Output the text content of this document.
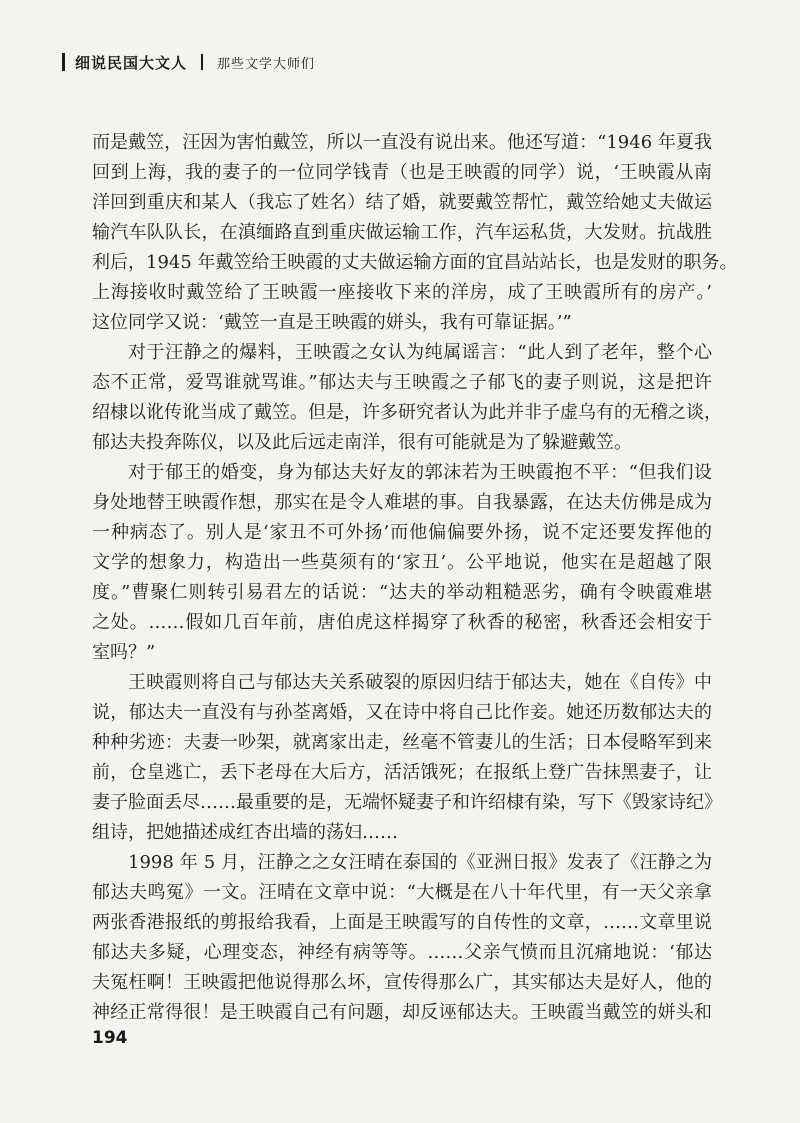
细说民国大文人 那些文学大师们
而是戴笠，汪因为害怕戴笠，所以一直没有说出来。他还写道：“1946 年夏我
回到上海，我的妻子的一位同学钱青（也是王映霞的同学）说，‘王映霞从南
洋回到重庆和某人（我忘了姓名）结了婚，就要戴笠帮忙，戴笠给她丈夫做运
输汽车队队长，在滇缅路直到重庆做运输工作，汽车运私货，大发财。抗战胜
利后，1945 年戴笠给王映霞的丈夫做运输方面的宜昌站站长，也是发财的职务。
上海接收时戴笠给了王映霞一座接收下来的洋房，成了王映霞所有的房产。’
这位同学又说：‘戴笠一直是王映霞的姘头，我有可靠证据。’”
对于汪静之的爆料，王映霞之女认为纯属谣言：“此人到了老年，整个心
态不正常，爱骂谁就骂谁。”郁达夫与王映霞之子郁飞的妻子则说，这是把许
绍棣以讹传讹当成了戴笠。但是，许多研究者认为此并非子虚乌有的无稽之谈，
郁达夫投奔陈仪，以及此后远走南洋，很有可能就是为了躲避戴笠。
对于郁王的婚变，身为郁达夫好友的郭沫若为王映霞抱不平：“但我们设
身处地替王映霞作想，那实在是令人难堪的事。自我暴露，在达夫仿佛是成为
一种病态了。别人是‘家丑不可外扬’而他偏偏要外扬，说不定还要发挥他的
文学的想象力，构造出一些莫须有的‘家丑’。公平地说，他实在是超越了限
度。”曹聚仁则转引易君左的话说：“达夫的举动粗糙恶劣，确有令映霞难堪
之处。……假如几百年前，唐伯虎这样揭穿了秋香的秘密，秋香还会相安于
室吗？”
王映霞则将自己与郁达夫关系破裂的原因归结于郁达夫，她在《自传》中
说，郁达夫一直没有与孙荃离婚，又在诗中将自己比作妾。她还历数郁达夫的
种种劣迹：夫妻一吵架，就离家出走，丝毫不管妻儿的生活；日本侵略军到来
前，仓皇逃亡，丢下老母在大后方，活活饿死；在报纸上登广告抹黑妻子，让
妻子脸面丢尽……最重要的是，无端怀疑妻子和许绍棣有染，写下《毁家诗纪》
组诗，把她描述成红杏出墙的荡妇……
1998 年 5 月，汪静之之女汪晴在泰国的《亚洲日报》发表了《汪静之为
郁达夫鸣冤》一文。汪晴在文章中说：“大概是在八十年代里，有一天父亲拿
两张香港报纸的剪报给我看，上面是王映霞写的自传性的文章，……文章里说
郁达夫多疑，心理变态，神经有病等等。……父亲气愤而且沉痛地说：‘郁达
夫冤枉啊！王映霞把他说得那么坏，宣传得那么广，其实郁达夫是好人，他的
神经正常得很！是王映霞自己有问题，却反诬郁达夫。王映霞当戴笠的姘头和
194
